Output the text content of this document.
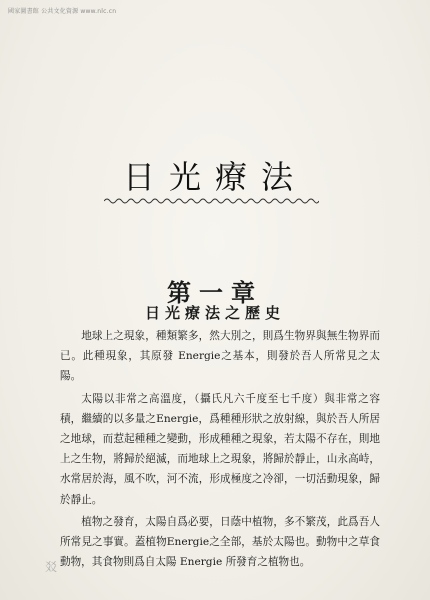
國家圖書館 公共文化資源 www.nlc.cn
日光療法
第一章
日光療法之歷史

地球上之現象，種類繁多，然大別之，則爲生物界與無生物界而已。此種現象，其原發 Energie之基本，則發於吾人所常見之太陽。

太陽以非常之高溫度，（攝氏凡六千度至七千度）與非常之容積，繼續的以多量之Energie，爲種種形狀之放射線，與於吾人所居之地球，而惹起種種之變動，形成種種之現象，若太陽不存在，則地上之生物，將歸於絕滅，而地球上之現象，將歸於靜止，山永高峙，水常居於海，風不吹，河不流，形成極度之冷卻，一切活動現象，歸於靜止。

植物之發育，太陽自爲必要，日蔭中植物，多不繁茂，此爲吾人所常見之事實。蓋植物Energie之全部，基於太陽也。動物中之草食動物，其食物則爲自太陽 Energie 所發育之植物也。

㸚
